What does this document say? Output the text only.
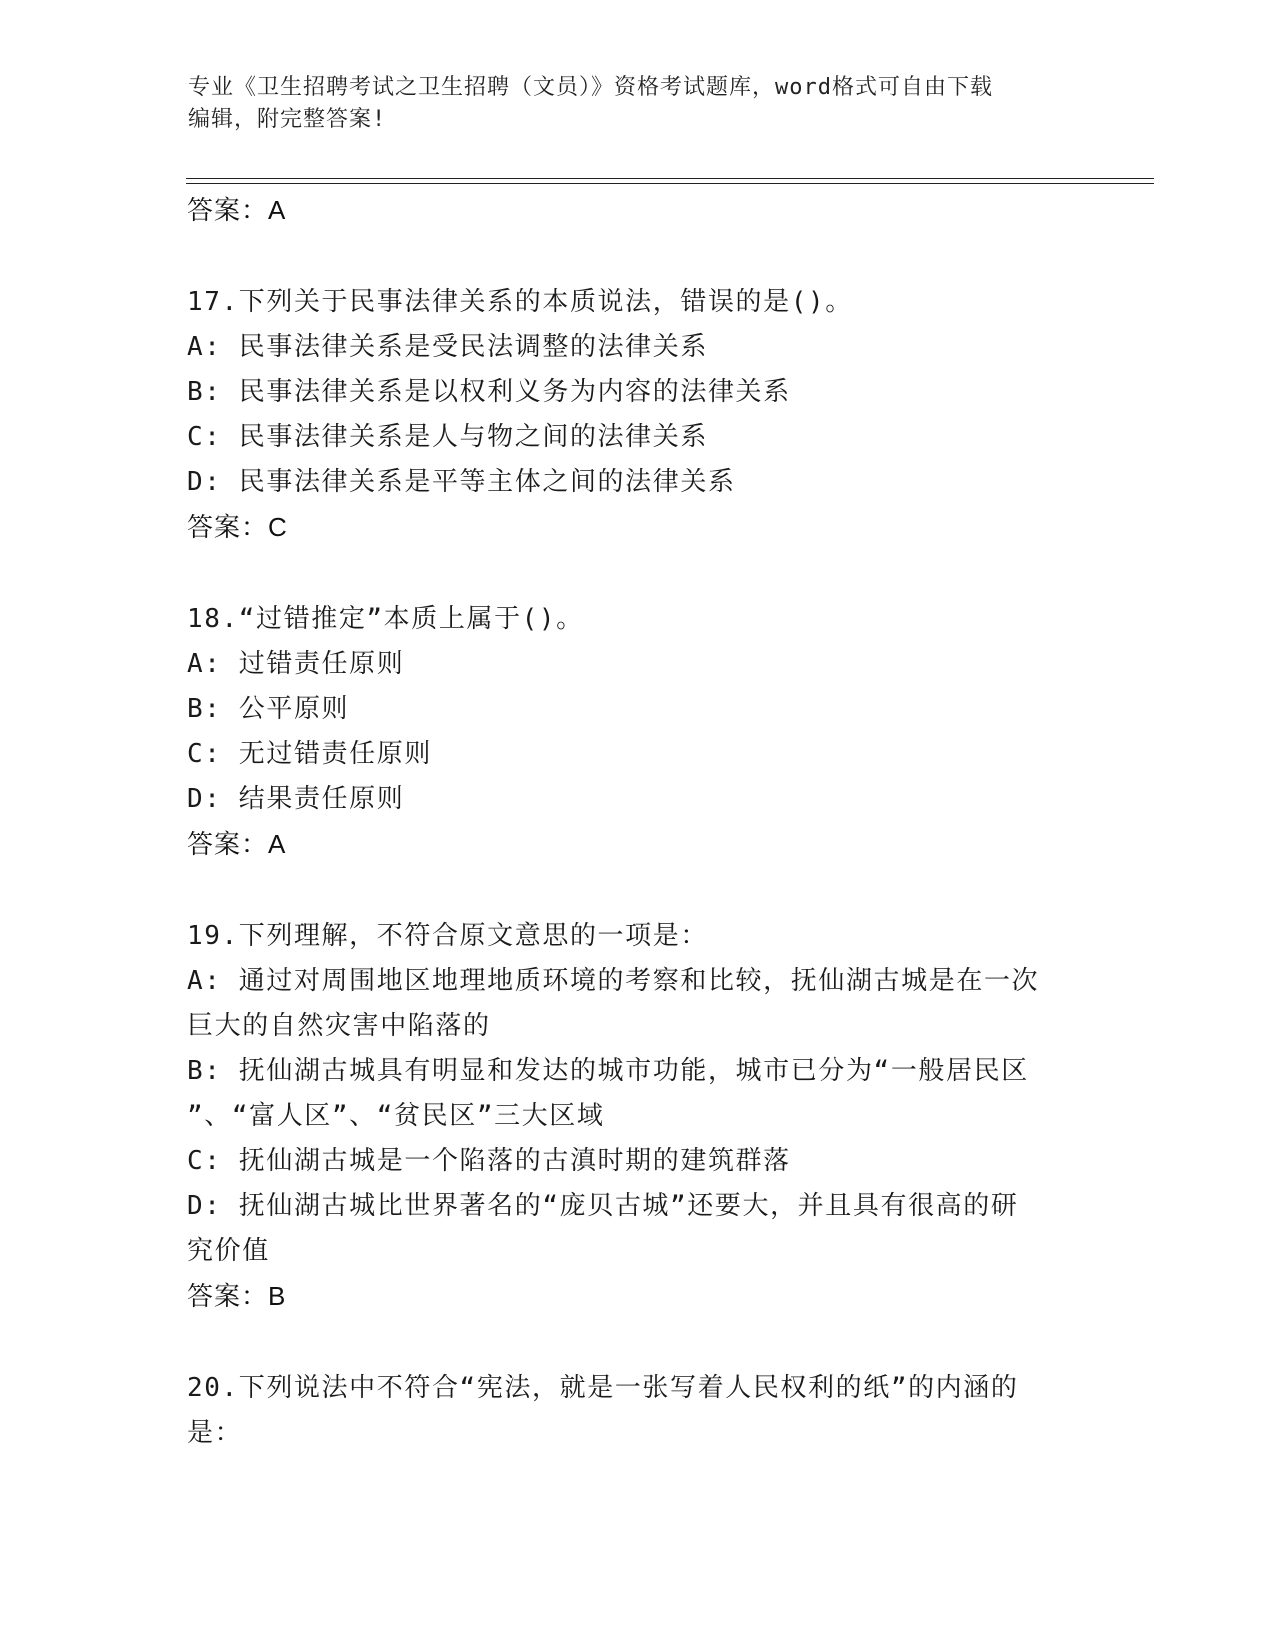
专业《卫生招聘考试之卫生招聘（文员）》资格考试题库，word格式可自由下载
编辑，附完整答案!
答案：A
17.下列关于民事法律关系的本质说法，错误的是()。
A: 民事法律关系是受民法调整的法律关系
B: 民事法律关系是以权利义务为内容的法律关系
C: 民事法律关系是人与物之间的法律关系
D: 民事法律关系是平等主体之间的法律关系
答案：C
18.“过错推定”本质上属于()。
A: 过错责任原则
B: 公平原则
C: 无过错责任原则
D: 结果责任原则
答案：A
19.下列理解，不符合原文意思的一项是：
A: 通过对周围地区地理地质环境的考察和比较，抚仙湖古城是在一次
巨大的自然灾害中陷落的
B: 抚仙湖古城具有明显和发达的城市功能，城市已分为“一般居民区
”、“富人区”、“贫民区”三大区域
C: 抚仙湖古城是一个陷落的古滇时期的建筑群落
D: 抚仙湖古城比世界著名的“庞贝古城”还要大，并且具有很高的研
究价值
答案：B
20.下列说法中不符合“宪法，就是一张写着人民权利的纸”的内涵的
是：
